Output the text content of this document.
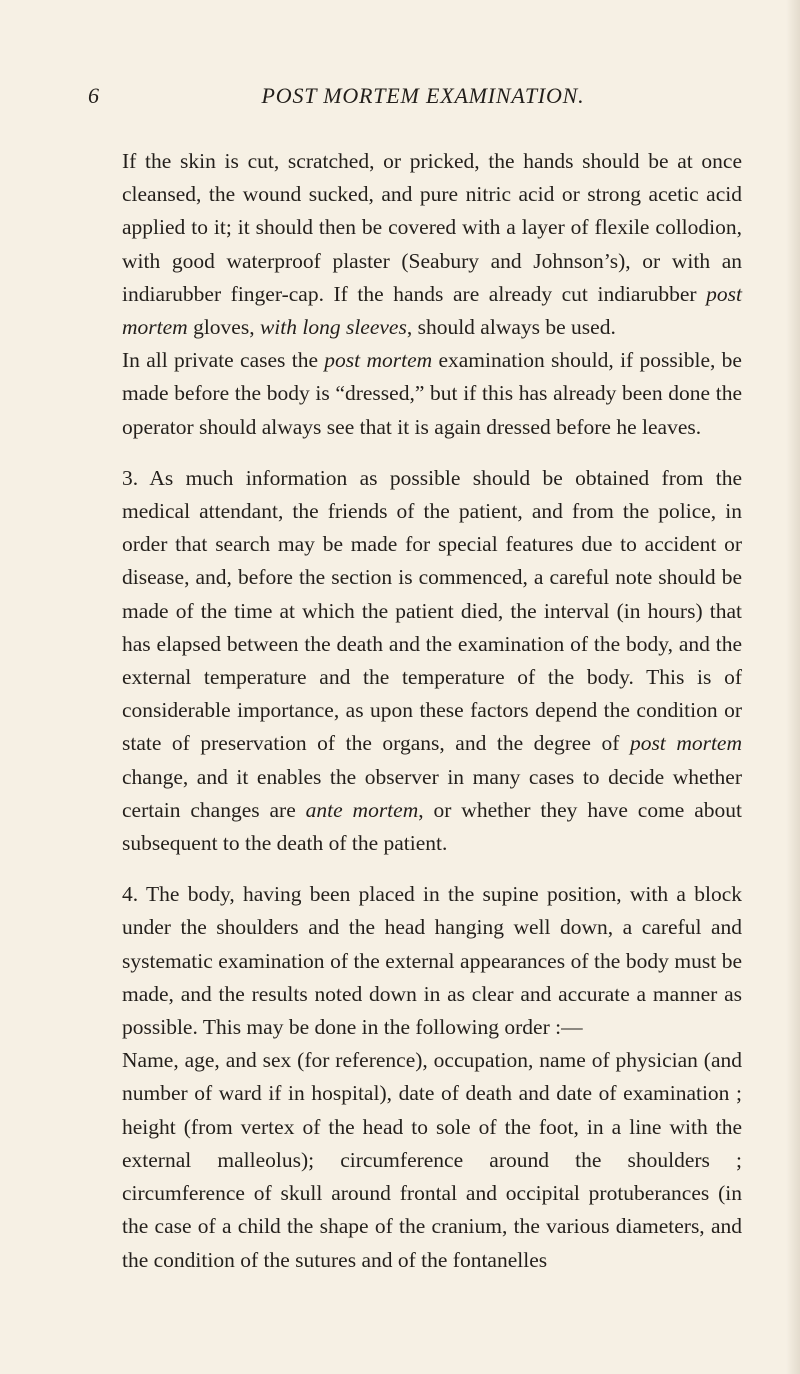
6	POST MORTEM EXAMINATION.

If the skin is cut, scratched, or pricked, the hands should be at once cleansed, the wound sucked, and pure nitric acid or strong acetic acid applied to it; it should then be covered with a layer of flexile collodion, with good waterproof plaster (Seabury and Johnson’s), or with an indiarubber finger-cap. If the hands are already cut indiarubber post mortem gloves, with long sleeves, should always be used.

In all private cases the post mortem examination should, if possible, be made before the body is “dressed,” but if this has already been done the operator should always see that it is again dressed before he leaves.

3. As much information as possible should be obtained from the medical attendant, the friends of the patient, and from the police, in order that search may be made for special features due to accident or disease, and, before the section is commenced, a careful note should be made of the time at which the patient died, the interval (in hours) that has elapsed between the death and the examination of the body, and the external temperature and the temperature of the body. This is of considerable importance, as upon these factors depend the condition or state of preservation of the organs, and the degree of post mortem change, and it enables the observer in many cases to decide whether certain changes are ante mortem, or whether they have come about subsequent to the death of the patient.

4. The body, having been placed in the supine position, with a block under the shoulders and the head hanging well down, a careful and systematic examination of the external appearances of the body must be made, and the results noted down in as clear and accurate a manner as possible. This may be done in the following order :—

Name, age, and sex (for reference), occupation, name of physician (and number of ward if in hospital), date of death and date of examination ; height (from vertex of the head to sole of the foot, in a line with the external malleolus); circumference around the shoulders ; circumference of skull around frontal and occipital protuberances (in the case of a child the shape of the cranium, the various diameters, and the condition of the sutures and of the fontanelles
